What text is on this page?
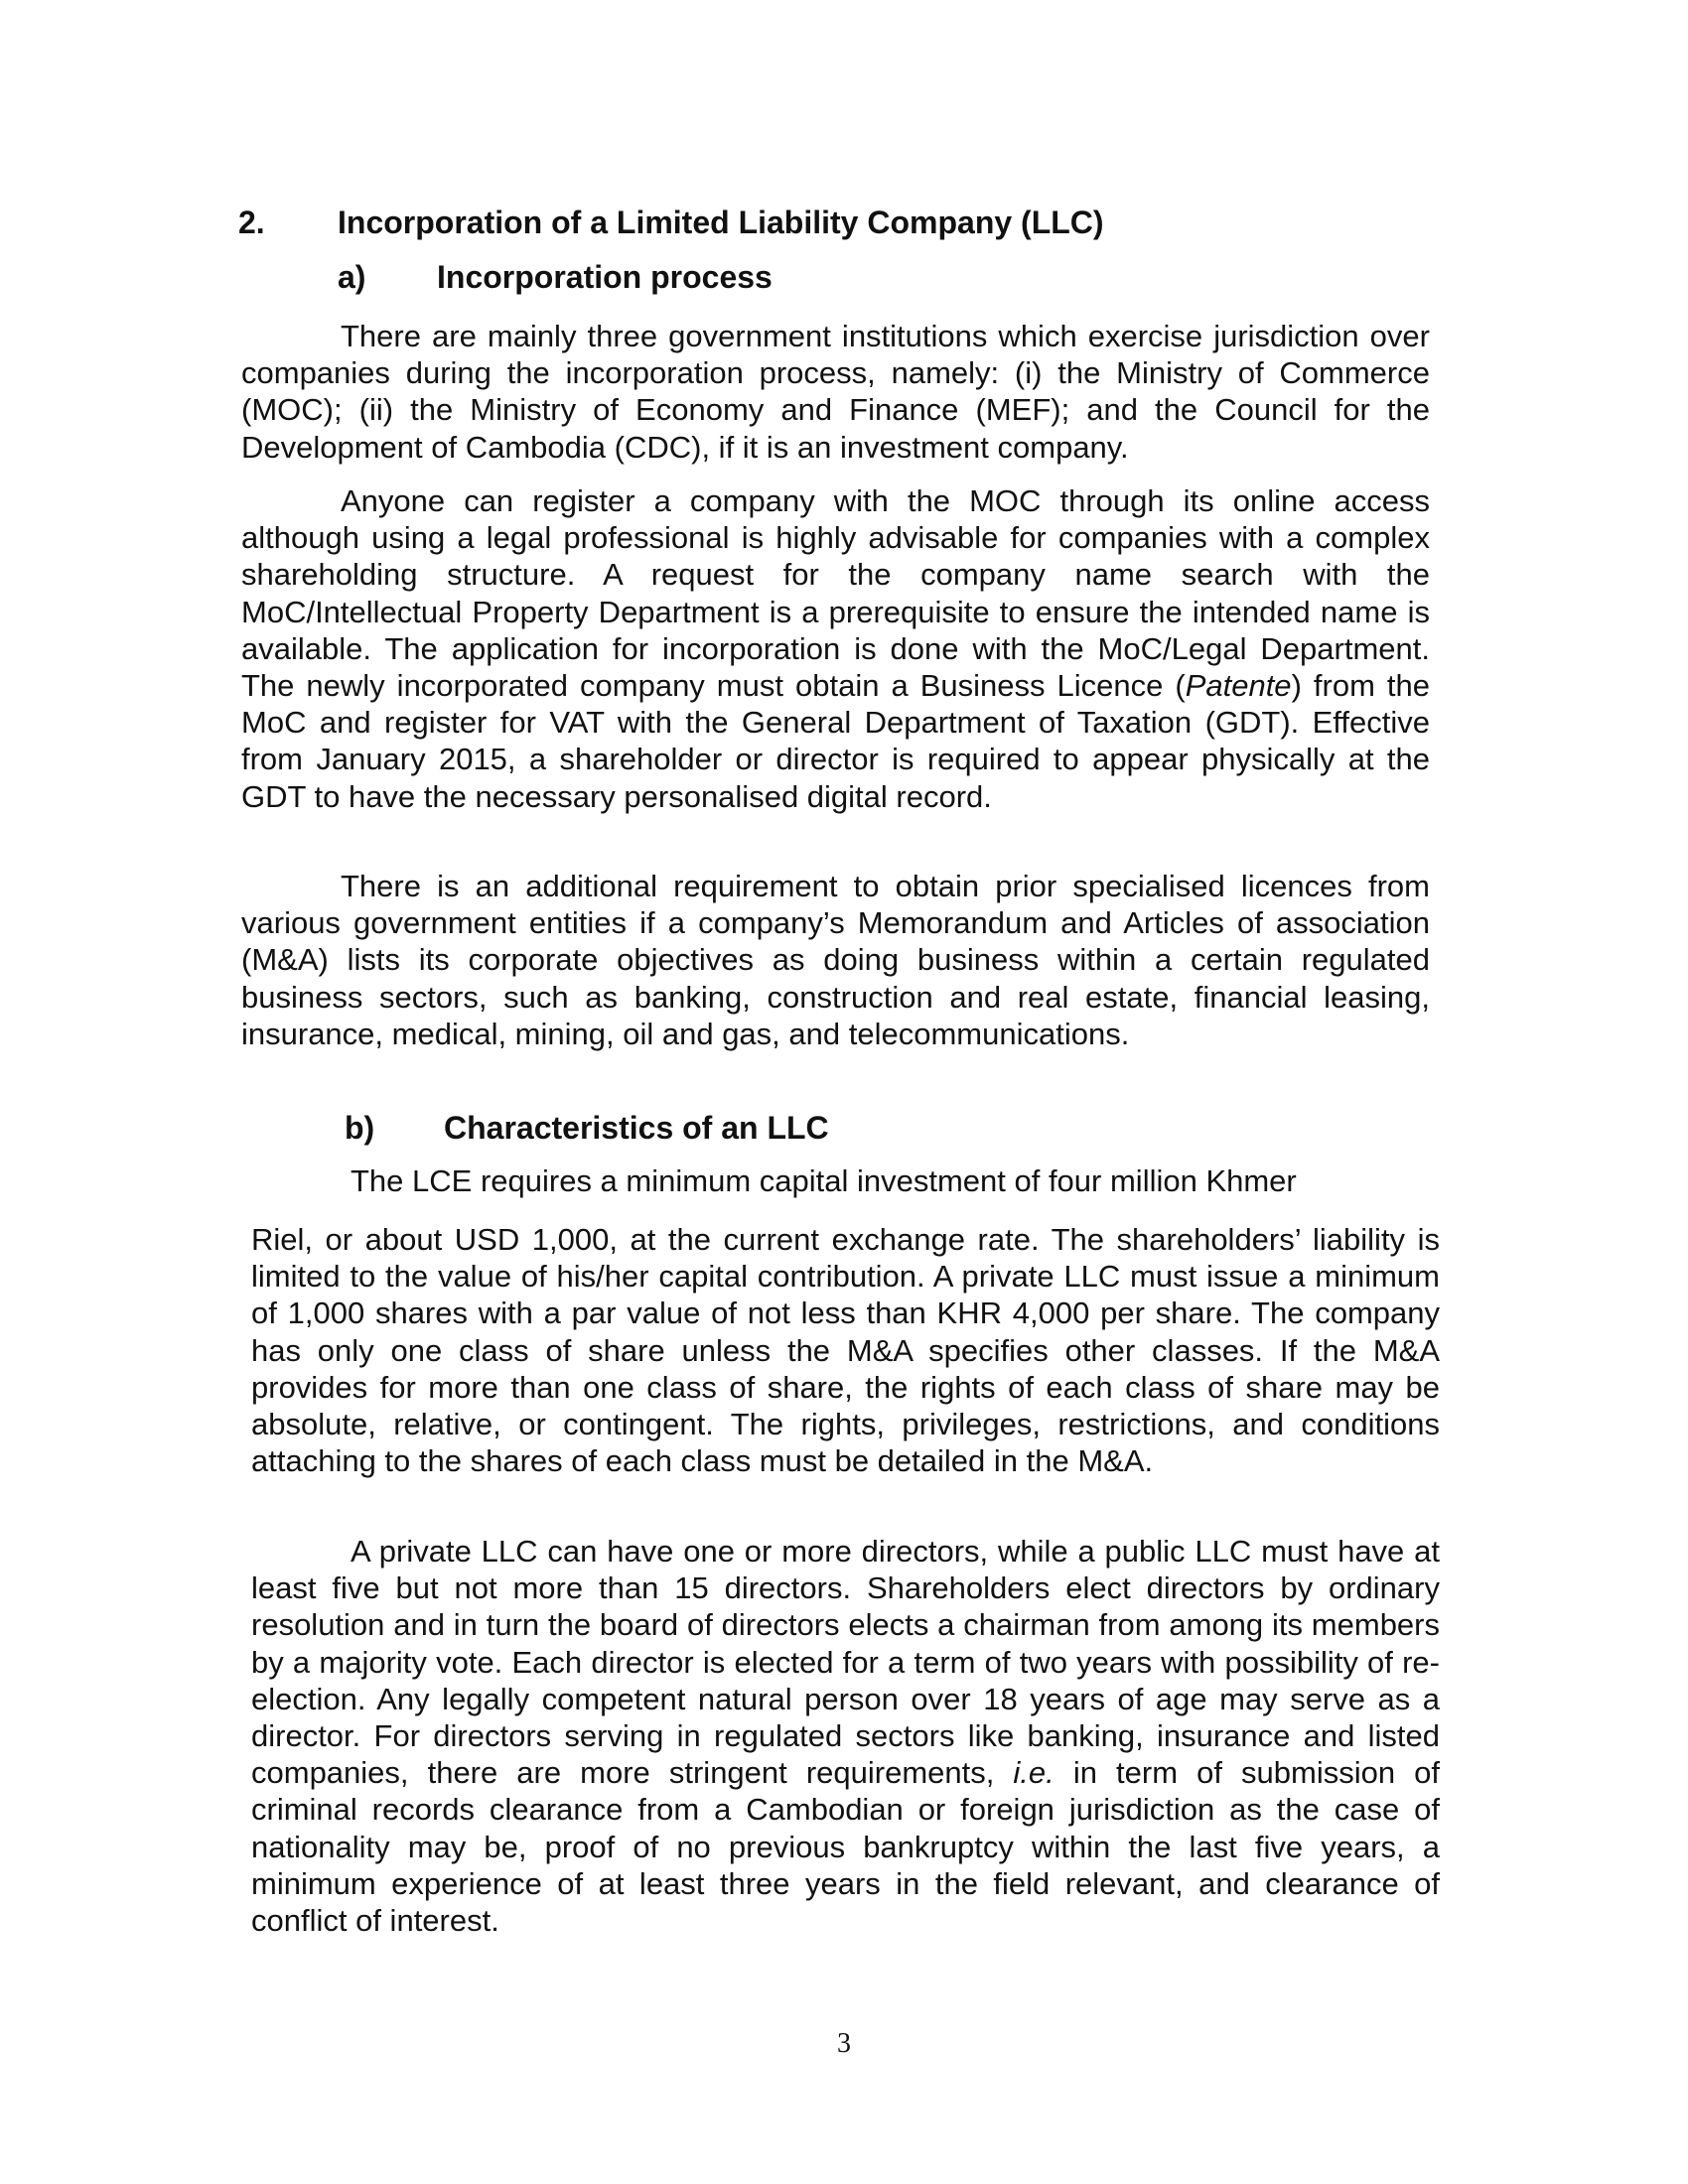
2. Incorporation of a Limited Liability Company (LLC)
a) Incorporation process

There are mainly three government institutions which exercise jurisdiction over companies during the incorporation process, namely: (i) the Ministry of Commerce (MOC); (ii) the Ministry of Economy and Finance (MEF); and the Council for the Development of Cambodia (CDC), if it is an investment company.

Anyone can register a company with the MOC through its online access although using a legal professional is highly advisable for companies with a complex shareholding structure. A request for the company name search with the MoC/Intellectual Property Department is a prerequisite to ensure the intended name is available. The application for incorporation is done with the MoC/Legal Department. The newly incorporated company must obtain a Business Licence (Patente) from the MoC and register for VAT with the General Department of Taxation (GDT). Effective from January 2015, a shareholder or director is required to appear physically at the GDT to have the necessary personalised digital record.

There is an additional requirement to obtain prior specialised licences from various government entities if a company’s Memorandum and Articles of association (M&A) lists its corporate objectives as doing business within a certain regulated business sectors, such as banking, construction and real estate, financial leasing, insurance, medical, mining, oil and gas, and telecommunications.

b) Characteristics of an LLC

The LCE requires a minimum capital investment of four million Khmer

Riel, or about USD 1,000, at the current exchange rate. The shareholders’ liability is limited to the value of his/her capital contribution. A private LLC must issue a minimum of 1,000 shares with a par value of not less than KHR 4,000 per share. The company has only one class of share unless the M&A specifies other classes. If the M&A provides for more than one class of share, the rights of each class of share may be absolute, relative, or contingent. The rights, privileges, restrictions, and conditions attaching to the shares of each class must be detailed in the M&A.

A private LLC can have one or more directors, while a public LLC must have at least five but not more than 15 directors. Shareholders elect directors by ordinary resolution and in turn the board of directors elects a chairman from among its members by a majority vote. Each director is elected for a term of two years with possibility of re-election. Any legally competent natural person over 18 years of age may serve as a director. For directors serving in regulated sectors like banking, insurance and listed companies, there are more stringent requirements, i.e. in term of submission of criminal records clearance from a Cambodian or foreign jurisdiction as the case of nationality may be, proof of no previous bankruptcy within the last five years, a minimum experience of at least three years in the field relevant, and clearance of conflict of interest.

3
